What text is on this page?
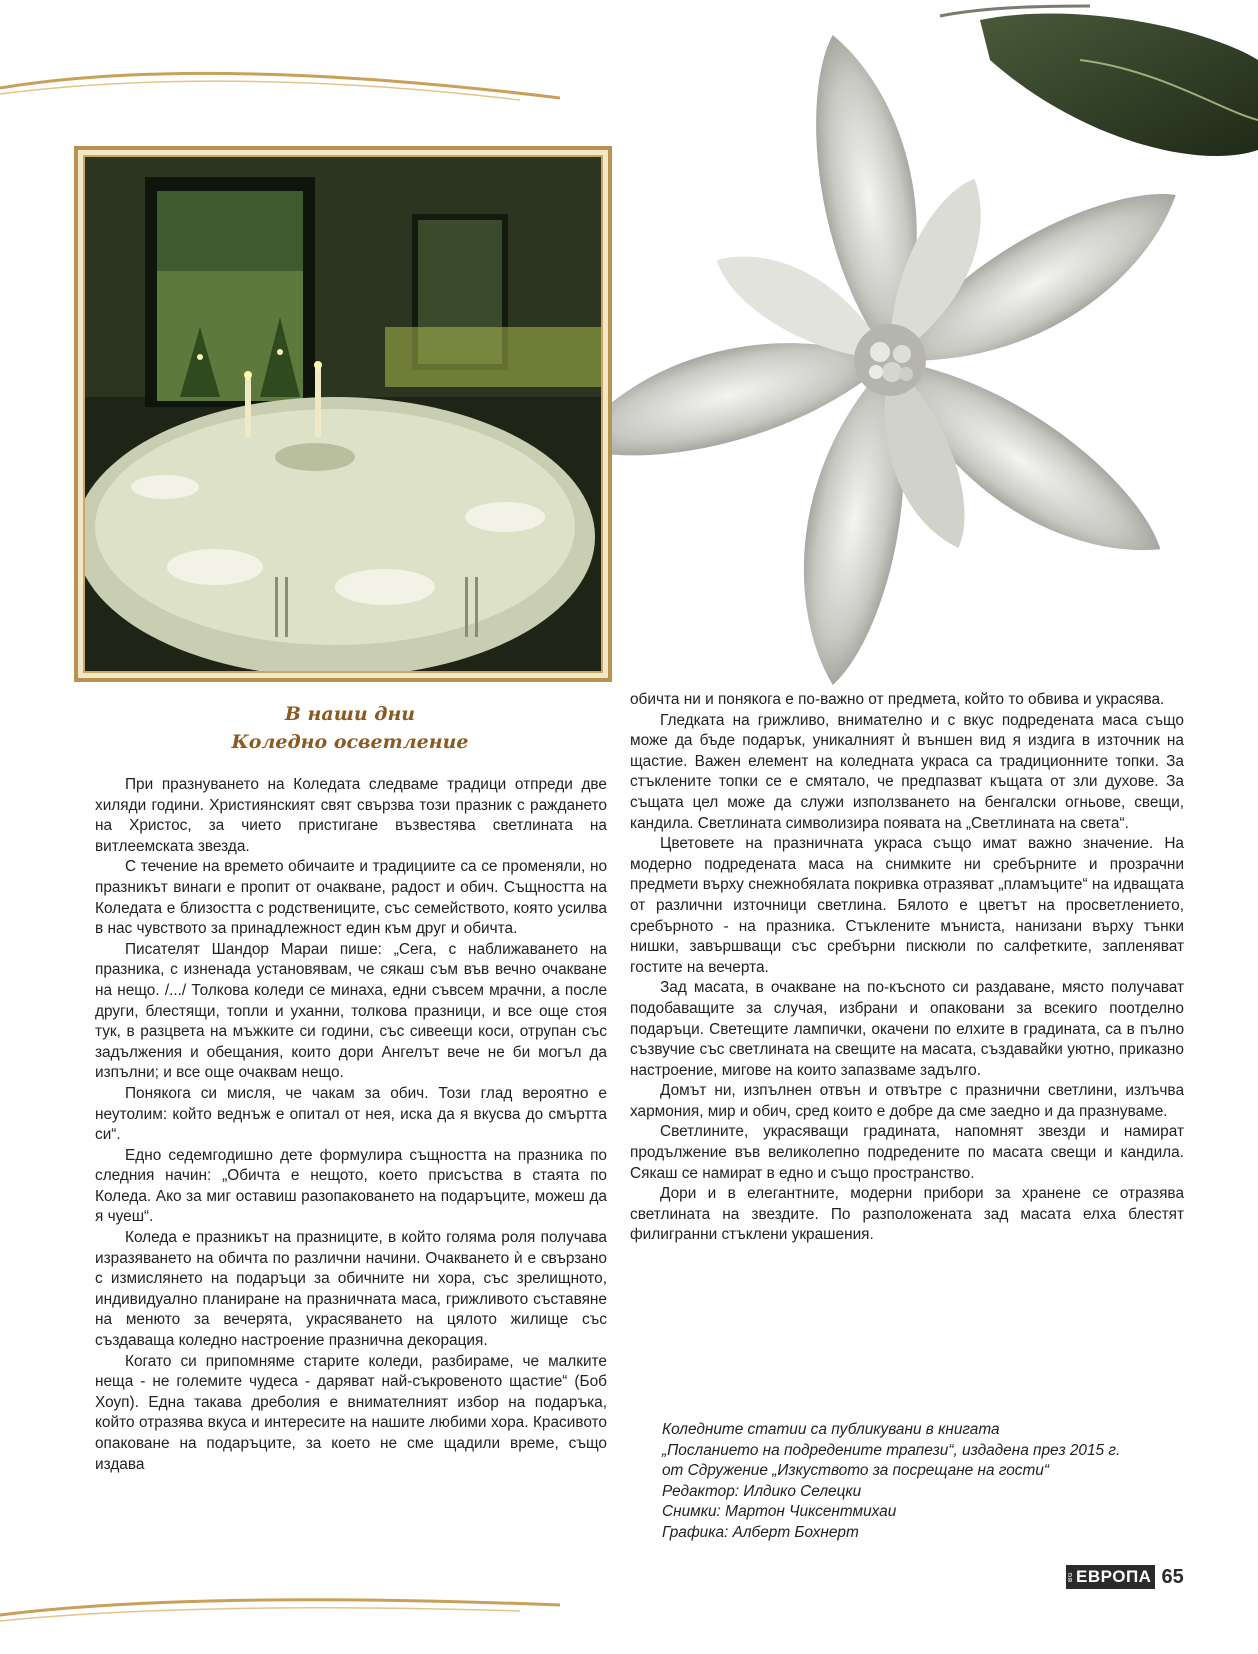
В наши дни
Коледно осветление

При празнуването на Коледата следваме традици отпреди две хиляди години. Християнският свят свързва този празник с раждането на Христос, за чието пристигане възвестява светлината на витлеемската звезда.

С течение на времето обичаите и традициите са се променяли, но празникът винаги е пропит от очакване, радост и обич. Същността на Коледата е близостта с родствениците, със семейството, която усилва в нас чувството за принадлежност един към друг и обичта.

Писателят Шандор Мараи пише: „Сега, с наближаването на празника, с изненада установявам, че сякаш съм във вечно очакване на нещо. /.../ Толкова коледи се минаха, едни съвсем мрачни, а после други, блестящи, топли и уханни, толкова празници, и все още стоя тук, в разцвета на мъжките си години, със сивеещи коси, отрупан със задължения и обещания, които дори Ангелът вече не би могъл да изпълни; и все още очаквам нещо.

Понякога си мисля, че чакам за обич. Този глад вероятно е неутолим: който веднъж е опитал от нея, иска да я вкусва до смъртта си“.

Едно седемгодишно дете формулира същността на празника по следния начин: „Обичта е нещото, което присъства в стаята по Коледа. Ако за миг оставиш разопаковането на подаръците, можеш да я чуеш“.

Коледа е празникът на празниците, в който голяма роля получава изразяването на обичта по различни начини. Очакването ѝ е свързано с измислянето на подаръци за обичните ни хора, със зрелищното, индивидуално планиране на празничната маса, грижливото съставяне на менюто за вечерята, украсяването на цялото жилище със създаваща коледно настроение празнична декорация.

Когато си припомняме старите коледи, разбираме, че малките неща - не големите чудеса - даряват най-съкровеното щастие“ (Боб Хоуп). Една такава дреболия е внимателният избор на подаръка, който отразява вкуса и интересите на нашите любими хора. Красивото опаковане на подаръците, за което не сме щадили време, също издава

обичта ни и понякога е по-важно от предмета, който то обвива и украсява.

Гледката на грижливо, внимателно и с вкус подредената маса също може да бъде подарък, уникалният ѝ външен вид я издига в източник на щастие. Важен елемент на коледната украса са традиционните топки. За стъклените топки се е смятало, че предпазват къщата от зли духове. За същата цел може да служи използването на бенгалски огньове, свещи, кандила. Светлината символизира появата на „Светлината на света“.

Цветовете на празничната украса също имат важно значение. На модерно подредената маса на снимките ни сребърните и прозрачни предмети върху снежнобялата покривка отразяват „пламъците“ на идващата от различни източници светлина. Бялото е цветът на просветлението, сребърното - на празника. Стъклените мъниста, нанизани върху тънки нишки, завършващи със сребърни пискюли по салфетките, запленяват гостите на вечерта.

Зад масата, в очакване на по-късното си раздаване, място получават подобаващите за случая, избрани и опаковани за всекиго поотделно подаръци. Светещите лампички, окачени по елхите в градината, са в пълно съзвучие със светлината на свещите на масата, създавайки уютно, приказно настроение, мигове на които запазваме задълго.

Домът ни, изпълнен отвън и отвътре с празнични светлини, излъчва хармония, мир и обич, сред които е добре да сме заедно и да празнуваме.

Светлините, украсяващи градината, напомнят звезди и намират продължение във великолепно подредените по масата свещи и кандила. Сякаш се намират в едно и също пространство.

Дори и в елегантните, модерни прибори за хранене се отразява светлината на звездите. По разположената зад масата елха блестят филигранни стъклени украшения.

Коледните статии са публикувани в книгата
„Посланието на подредените трапези“, издадена през 2015 г.
от Сдружение „Изкуството за посрещане на гости“
Редактор: Илдико Селецки
Снимки: Мартон Чиксентмихаи
Графика: Алберт Бохнерт
BG ЕВРОПА 65
